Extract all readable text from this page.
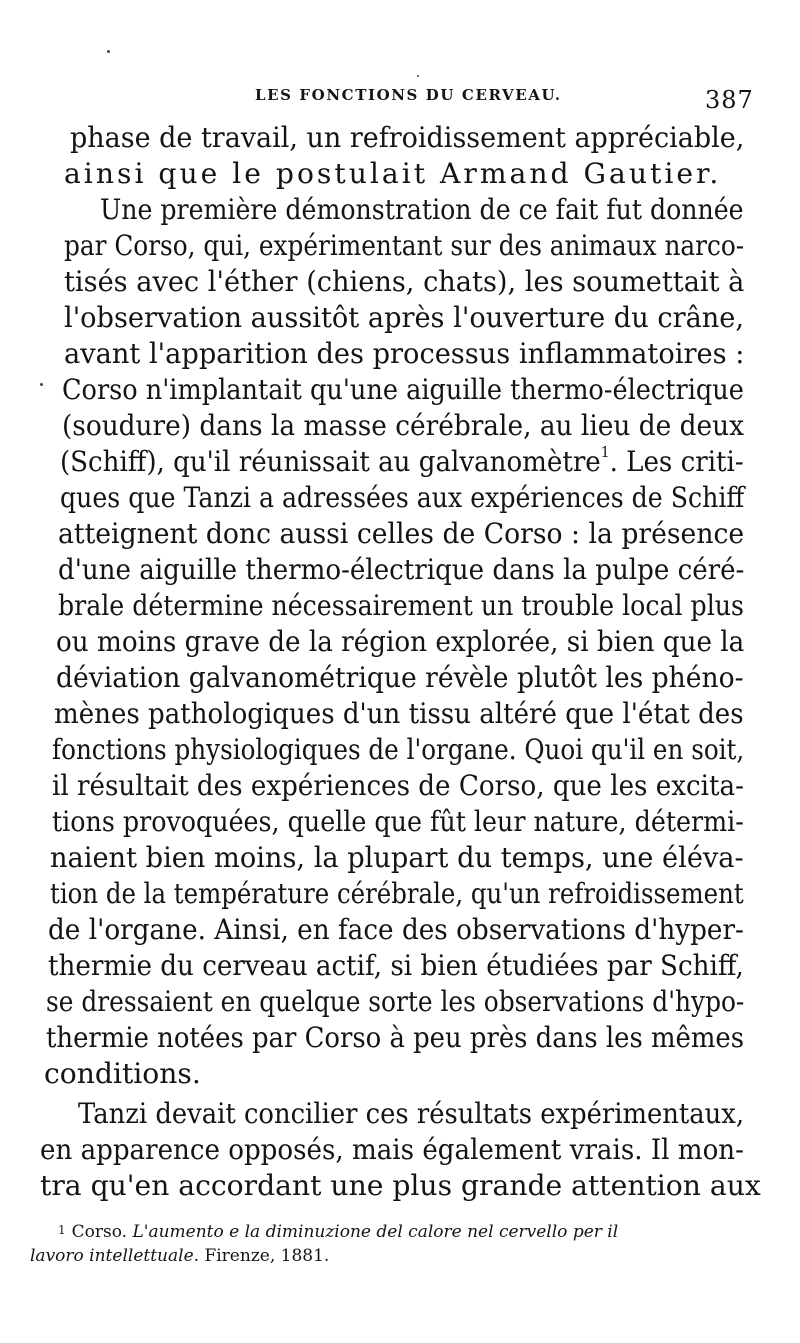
LES FONCTIONS DU CERVEAU.	387
phase de travail, un refroidissement appréciable,
ainsi que le postulait Armand Gautier.
Une première démonstration de ce fait fut donnée
par Corso, qui, expérimentant sur des animaux narco-
tisés avec l'éther (chiens, chats), les soumettait à
l'observation aussitôt après l'ouverture du crâne,
avant l'apparition des processus inflammatoires :
Corso n'implantait qu'une aiguille thermo-électrique
(soudure) dans la masse cérébrale, au lieu de deux
(Schiff), qu'il réunissait au galvanomètre$^1$. Les criti-
ques que Tanzi a adressées aux expériences de Schiff
atteignent donc aussi celles de Corso : la présence
d'une aiguille thermo-électrique dans la pulpe céré-
brale détermine nécessairement un trouble local plus
ou moins grave de la région explorée, si bien que la
déviation galvanométrique révèle plutôt les phéno-
mènes pathologiques d'un tissu altéré que l'état des
fonctions physiologiques de l'organe. Quoi qu'il en soit,
il résultait des expériences de Corso, que les excita-
tions provoquées, quelle que fût leur nature, détermi-
naient bien moins, la plupart du temps, une éléva-
tion de la température cérébrale, qu'un refroidissement
de l'organe. Ainsi, en face des observations d'hyper-
thermie du cerveau actif, si bien étudiées par Schiff,
se dressaient en quelque sorte les observations d'hypo-
thermie notées par Corso à peu près dans les mêmes
conditions.
Tanzi devait concilier ces résultats expérimentaux,
en apparence opposés, mais également vrais. Il mon-
tra qu'en accordant une plus grande attention aux
$^1$ Corso. L'aumento e la diminuzione del calore nel cervello per il
lavoro intellettuale. Firenze, 1881.
